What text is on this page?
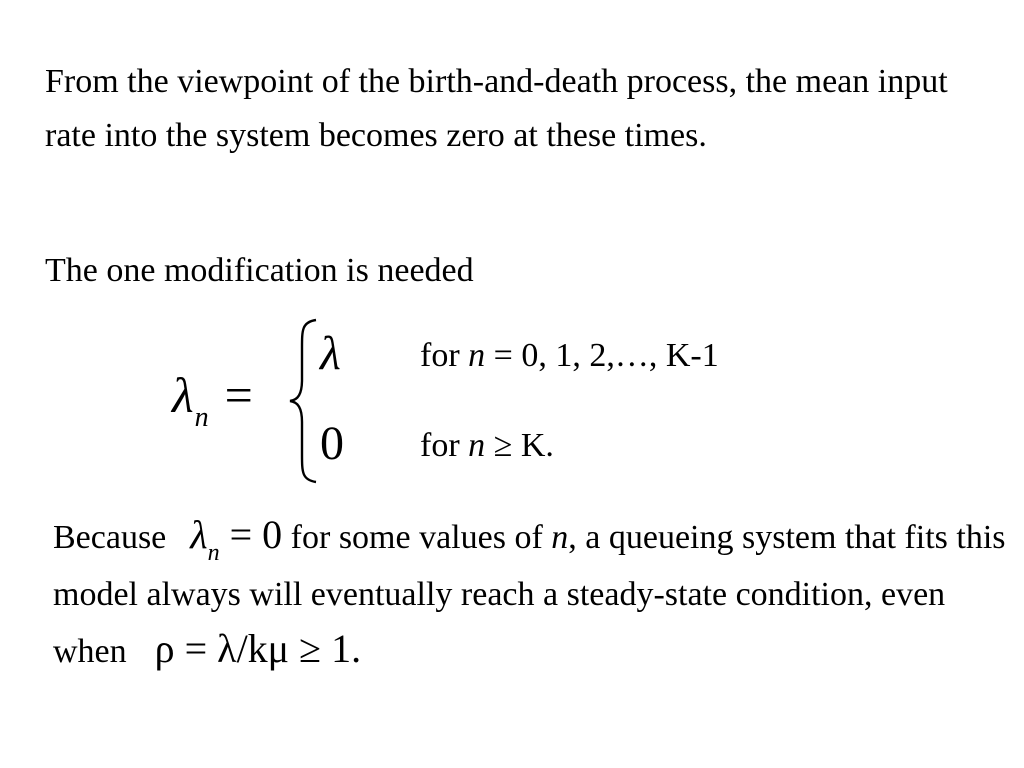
From the viewpoint of the birth-and-death process, the mean input rate into the system becomes zero at these times.

The one modification is needed

$\lambda_n$ =
λ
0
for n = 0, 1, 2,…, K-1
for n ≥ K.

Because $\lambda_n = 0$ for some values of n, a queueing system that fits this model always will eventually reach a steady-state condition, even when ρ = λ/kμ ≥ 1.
